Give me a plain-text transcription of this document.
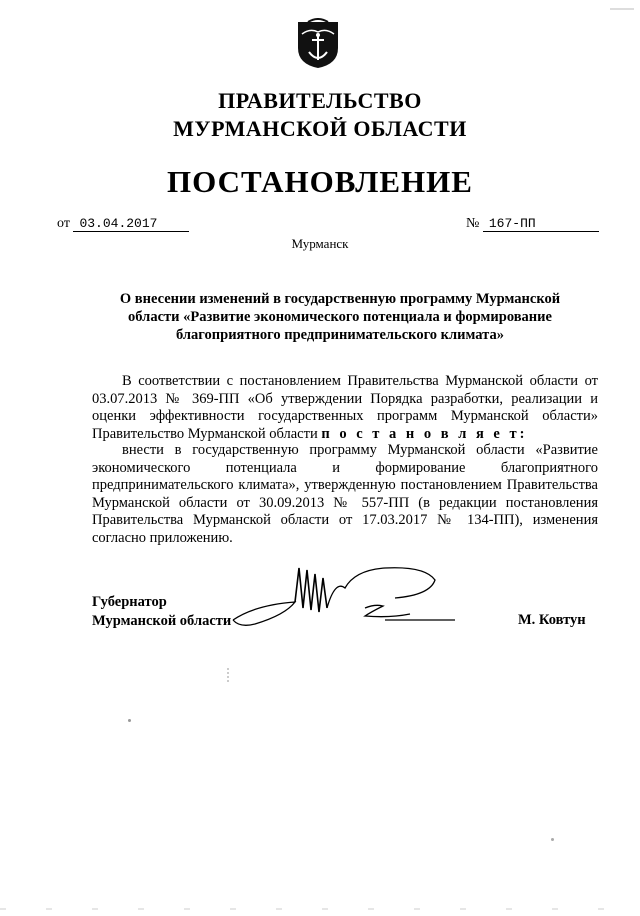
ПРАВИТЕЛЬСТВО
МУРМАНСКОЙ ОБЛАСТИ
ПОСТАНОВЛЕНИЕ
от 03.04.2017	№ 167-ПП
Мурманск
О внесении изменений в государственную программу Мурманской
области «Развитие экономического потенциала и формирование
благоприятного предпринимательского климата»

В соответствии с постановлением Правительства Мурманской области от 03.07.2013 № 369-ПП «Об утверждении Порядка разработки, реализации и оценки эффективности государственных программ Мурманской области» Правительство Мурманской области п о с т а н о в л я е т:

внести в государственную программу Мурманской области «Развитие экономического потенциала и формирование благоприятного предпринимательского климата», утвержденную постановлением Правительства Мурманской области от 30.09.2013 № 557-ПП (в редакции постановления Правительства Мурманской области от 17.03.2017 № 134-ПП), изменения согласно приложению.

Губернатор
Мурманской области	М. Ковтун
